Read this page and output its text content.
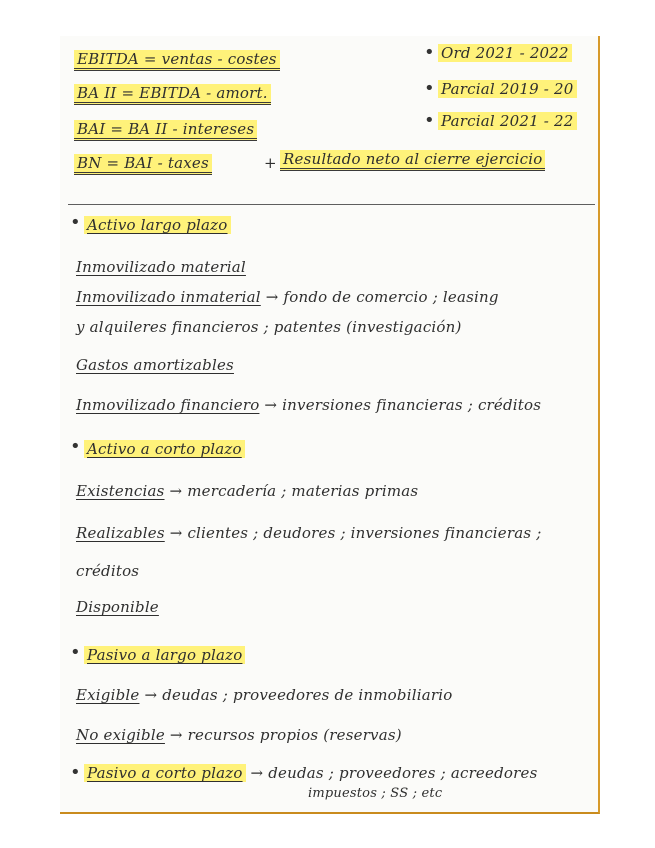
EBITDA = ventas - costes
BA II = EBITDA - amort.
BAI = BA II - intereses
BN = BAI - taxes
• Ord 2021 - 2022
• Parcial 2019 - 20
• Parcial 2021 - 22
+ Resultado neto al cierre ejercicio
• Activo largo plazo
Inmovilizado material
Inmovilizado inmaterial → fondo de comercio ; leasing
y alquileres financieros ; patentes (investigación)
Gastos amortizables
Inmovilizado financiero → inversiones financieras ; créditos
• Activo a corto plazo
Existencias → mercadería ; materias primas
Realizables → clientes ; deudores ; inversiones financieras ;
créditos
Disponible
• Pasivo a largo plazo
Exigible → deudas ; proveedores de inmobiliario
No exigible → recursos propios (reservas)
• Pasivo a corto plazo → deudas ; proveedores ; acreedores
impuestos ; SS ; etc
